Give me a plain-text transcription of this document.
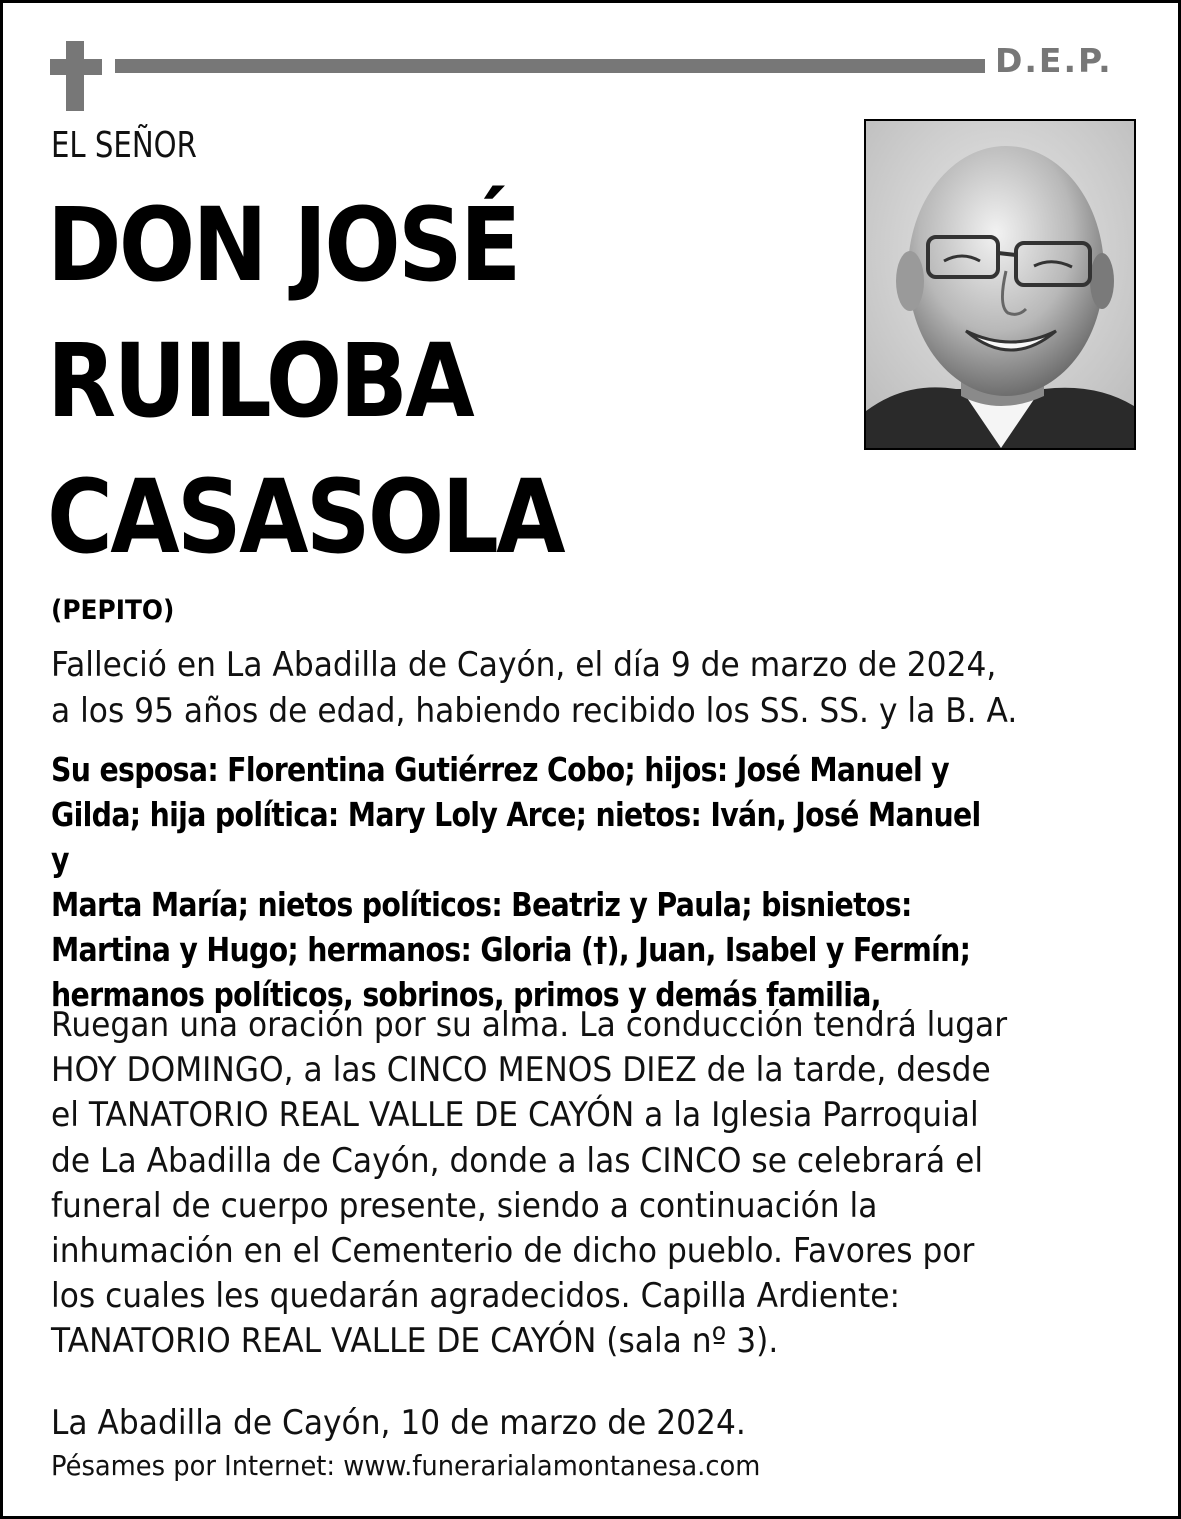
D.E.P.
EL SEÑOR
DON JOSÉ
RUILOBA
CASASOLA
(PEPITO)
Falleció en La Abadilla de Cayón, el día 9 de marzo de 2024,
a los 95 años de edad, habiendo recibido los SS. SS. y la B. A.
Su esposa: Florentina Gutiérrez Cobo; hijos: José Manuel y
Gilda; hija política: Mary Loly Arce; nietos: Iván, José Manuel y
Marta María; nietos políticos: Beatriz y Paula; bisnietos:
Martina y Hugo; hermanos: Gloria (†), Juan, Isabel y Fermín;
hermanos políticos, sobrinos, primos y demás familia,
Ruegan una oración por su alma. La conducción tendrá lugar
HOY DOMINGO, a las CINCO MENOS DIEZ de la tarde, desde
el TANATORIO REAL VALLE DE CAYÓN a la Iglesia Parroquial
de La Abadilla de Cayón, donde a las CINCO se celebrará el
funeral de cuerpo presente, siendo a continuación la
inhumación en el Cementerio de dicho pueblo. Favores por
los cuales les quedarán agradecidos. Capilla Ardiente:
TANATORIO REAL VALLE DE CAYÓN (sala nº 3).
La Abadilla de Cayón, 10 de marzo de 2024.
Pésames por Internet: www.funerarialamontanesa.com
